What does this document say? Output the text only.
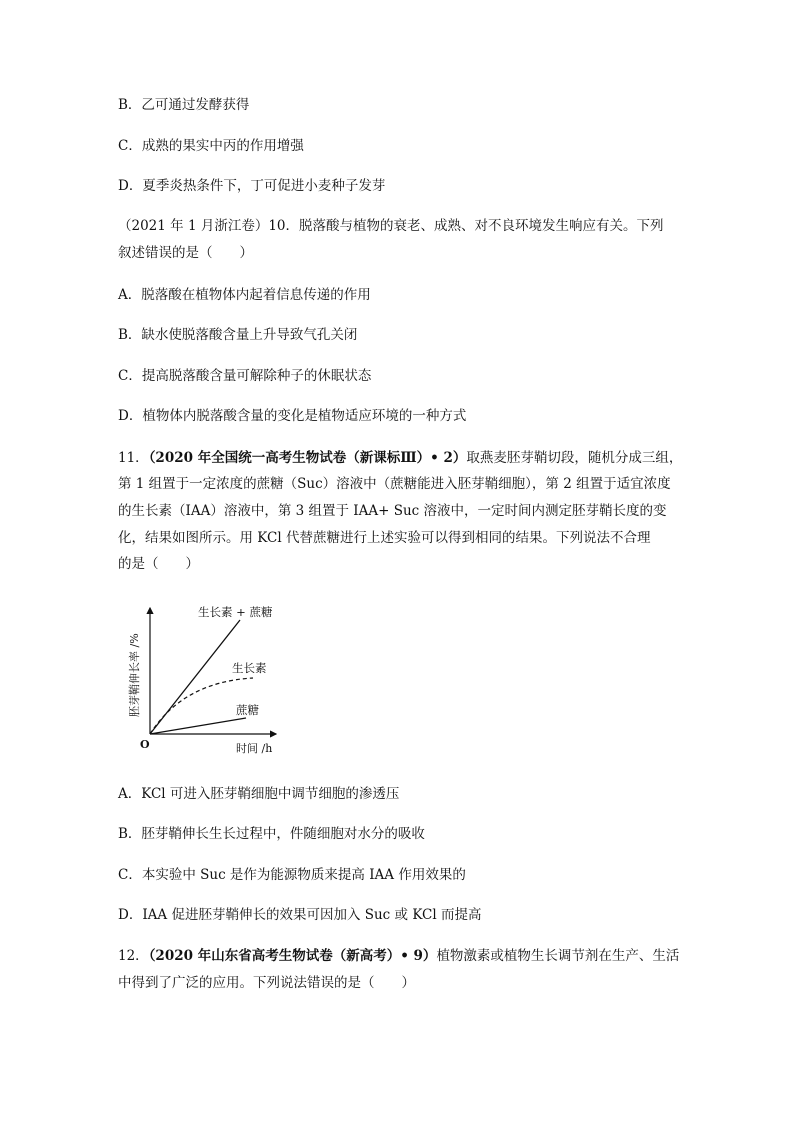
B．乙可通过发酵获得
C．成熟的果实中丙的作用增强
D．夏季炎热条件下，丁可促进小麦种子发芽
（2021 年 1 月浙江卷）10．脱落酸与植物的衰老、成熟、对不良环境发生响应有关。下列
叙述错误的是（　　）
A．脱落酸在植物体内起着信息传递的作用
B．缺水使脱落酸含量上升导致气孔关闭
C．提高脱落酸含量可解除种子的休眠状态
D．植物体内脱落酸含量的变化是植物适应环境的一种方式
11．（2020 年全国统一高考生物试卷（新课标Ⅲ）• 2）取燕麦胚芽鞘切段，随机分成三组，
第 1 组置于一定浓度的蔗糖（Suc）溶液中（蔗糖能进入胚芽鞘细胞），第 2 组置于适宜浓度
的生长素（IAA）溶液中，第 3 组置于 IAA+ Suc 溶液中，一定时间内测定胚芽鞘长度的变
化，结果如图所示。用 KCl 代替蔗糖进行上述实验可以得到相同的结果。下列说法不合理
的是（　　）
生长素 + 蔗糖
生长素
蔗糖
时间 /h
O
胚芽鞘伸长率 /%
A．KCl 可进入胚芽鞘细胞中调节细胞的渗透压
B．胚芽鞘伸长生长过程中，件随细胞对水分的吸收
C．本实验中 Suc 是作为能源物质来提高 IAA 作用效果的
D．IAA 促进胚芽鞘伸长的效果可因加入 Suc 或 KCl 而提高
12．（2020 年山东省高考生物试卷（新高考）• 9）植物激素或植物生长调节剂在生产、生活
中得到了广泛的应用。下列说法错误的是（　　）
